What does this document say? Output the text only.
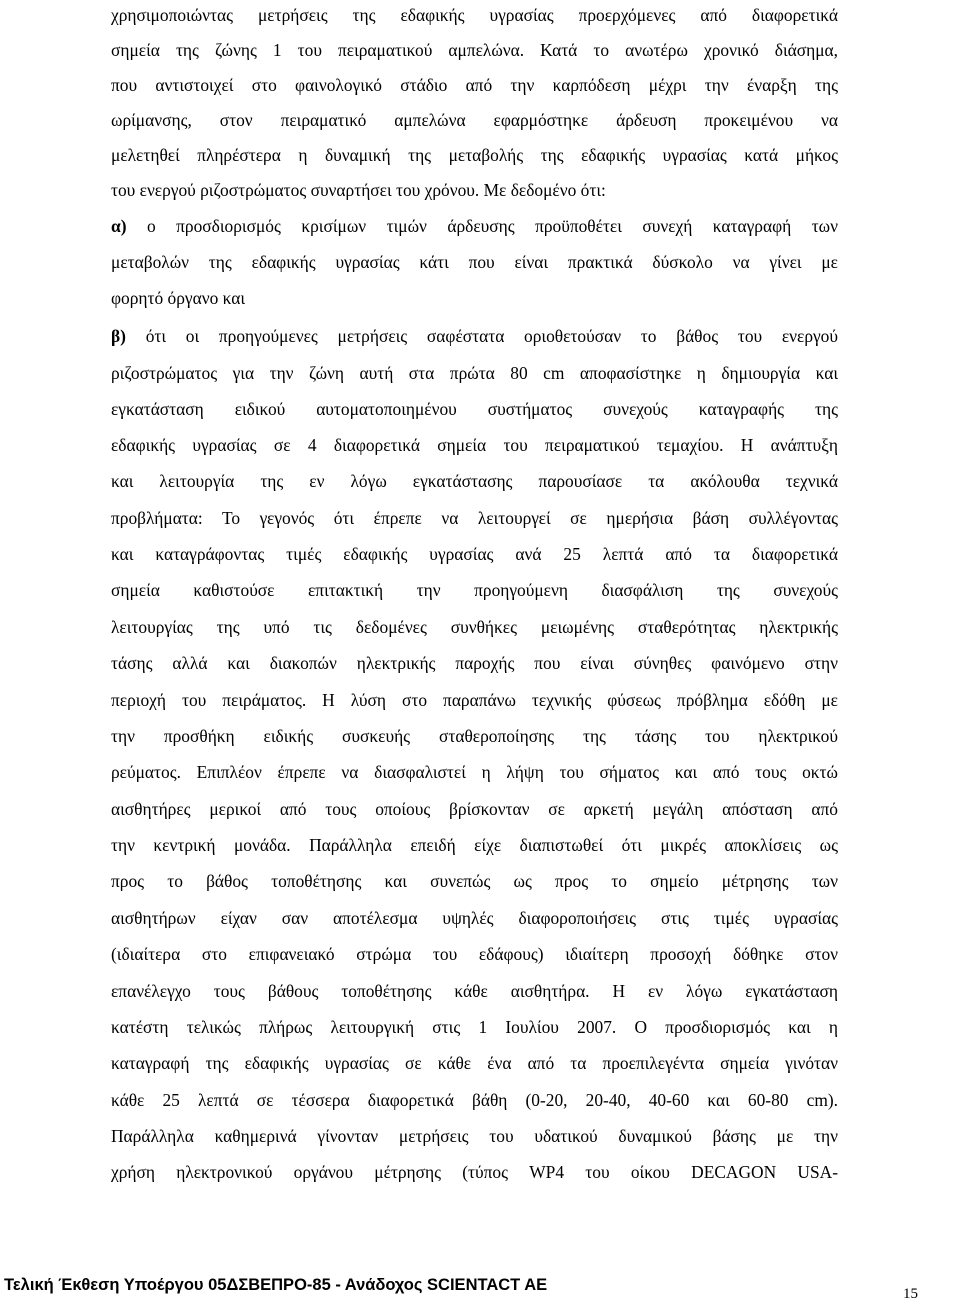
χρησιμοποιώντας μετρήσεις της εδαφικής υγρασίας προερχόμενες από διαφορετικά
σημεία της ζώνης 1 του πειραματικού αμπελώνα. Κατά το ανωτέρω χρονικό διάσημα,
που αντιστοιχεί στο φαινολογικό στάδιο από την καρπόδεση μέχρι την έναρξη της
ωρίμανσης, στον πειραματικό αμπελώνα εφαρμόστηκε άρδευση προκειμένου να
μελετηθεί πληρέστερα η δυναμική της μεταβολής της εδαφικής υγρασίας κατά μήκος
του ενεργού ριζοστρώματος συναρτήσει του χρόνου. Με δεδομένο ότι:
α) ο προσδιορισμός κρισίμων τιμών άρδευσης προϋποθέτει συνεχή καταγραφή των
μεταβολών της εδαφικής υγρασίας κάτι που είναι πρακτικά δύσκολο να γίνει με
φορητό όργανο και
β) ότι οι προηγούμενες μετρήσεις σαφέστατα οριοθετούσαν το βάθος του ενεργού
ριζοστρώματος για την ζώνη αυτή στα πρώτα 80 cm αποφασίστηκε η δημιουργία και
εγκατάσταση ειδικού αυτοματοποιημένου συστήματος συνεχούς καταγραφής της
εδαφικής υγρασίας σε 4 διαφορετικά σημεία του πειραματικού τεμαχίου. Η ανάπτυξη
και λειτουργία της εν λόγω εγκατάστασης παρουσίασε τα ακόλουθα τεχνικά
προβλήματα: Το γεγονός ότι έπρεπε να λειτουργεί σε ημερήσια βάση συλλέγοντας
και καταγράφοντας τιμές εδαφικής υγρασίας ανά 25 λεπτά από τα διαφορετικά
σημεία καθιστούσε επιτακτική την προηγούμενη διασφάλιση της συνεχούς
λειτουργίας της υπό τις δεδομένες συνθήκες μειωμένης σταθερότητας ηλεκτρικής
τάσης αλλά και διακοπών ηλεκτρικής παροχής που είναι σύνηθες φαινόμενο στην
περιοχή του πειράματος. Η λύση στο παραπάνω τεχνικής φύσεως πρόβλημα εδόθη με
την προσθήκη ειδικής συσκευής σταθεροποίησης της τάσης του ηλεκτρικού
ρεύματος. Επιπλέον έπρεπε να διασφαλιστεί η λήψη του σήματος και από τους οκτώ
αισθητήρες μερικοί από τους οποίους βρίσκονταν σε αρκετή μεγάλη απόσταση από
την κεντρική μονάδα. Παράλληλα επειδή είχε διαπιστωθεί ότι μικρές αποκλίσεις ως
προς το βάθος τοποθέτησης και συνεπώς ως προς το σημείο μέτρησης των
αισθητήρων είχαν σαν αποτέλεσμα υψηλές διαφοροποιήσεις στις τιμές υγρασίας
(ιδιαίτερα στο επιφανειακό στρώμα του εδάφους) ιδιαίτερη προσοχή δόθηκε στον
επανέλεγχο τους βάθους τοποθέτησης κάθε αισθητήρα. Η εν λόγω εγκατάσταση
κατέστη τελικώς πλήρως λειτουργική στις 1 Ιουλίου 2007. Ο προσδιορισμός και η
καταγραφή της εδαφικής υγρασίας σε κάθε ένα από τα προεπιλεγέντα σημεία γινόταν
κάθε 25 λεπτά σε τέσσερα διαφορετικά βάθη (0-20, 20-40, 40-60 και 60-80 cm).
Παράλληλα καθημερινά γίνονταν μετρήσεις του υδατικού δυναμικού βάσης με την
χρήση ηλεκτρονικού οργάνου μέτρησης (τύπος WP4 του οίκου DECAGON USA-
Τελική Έκθεση Υποέργου 05ΔΣΒΕΠΡΟ-85 - Ανάδοχος SCIENTACT AE	15
